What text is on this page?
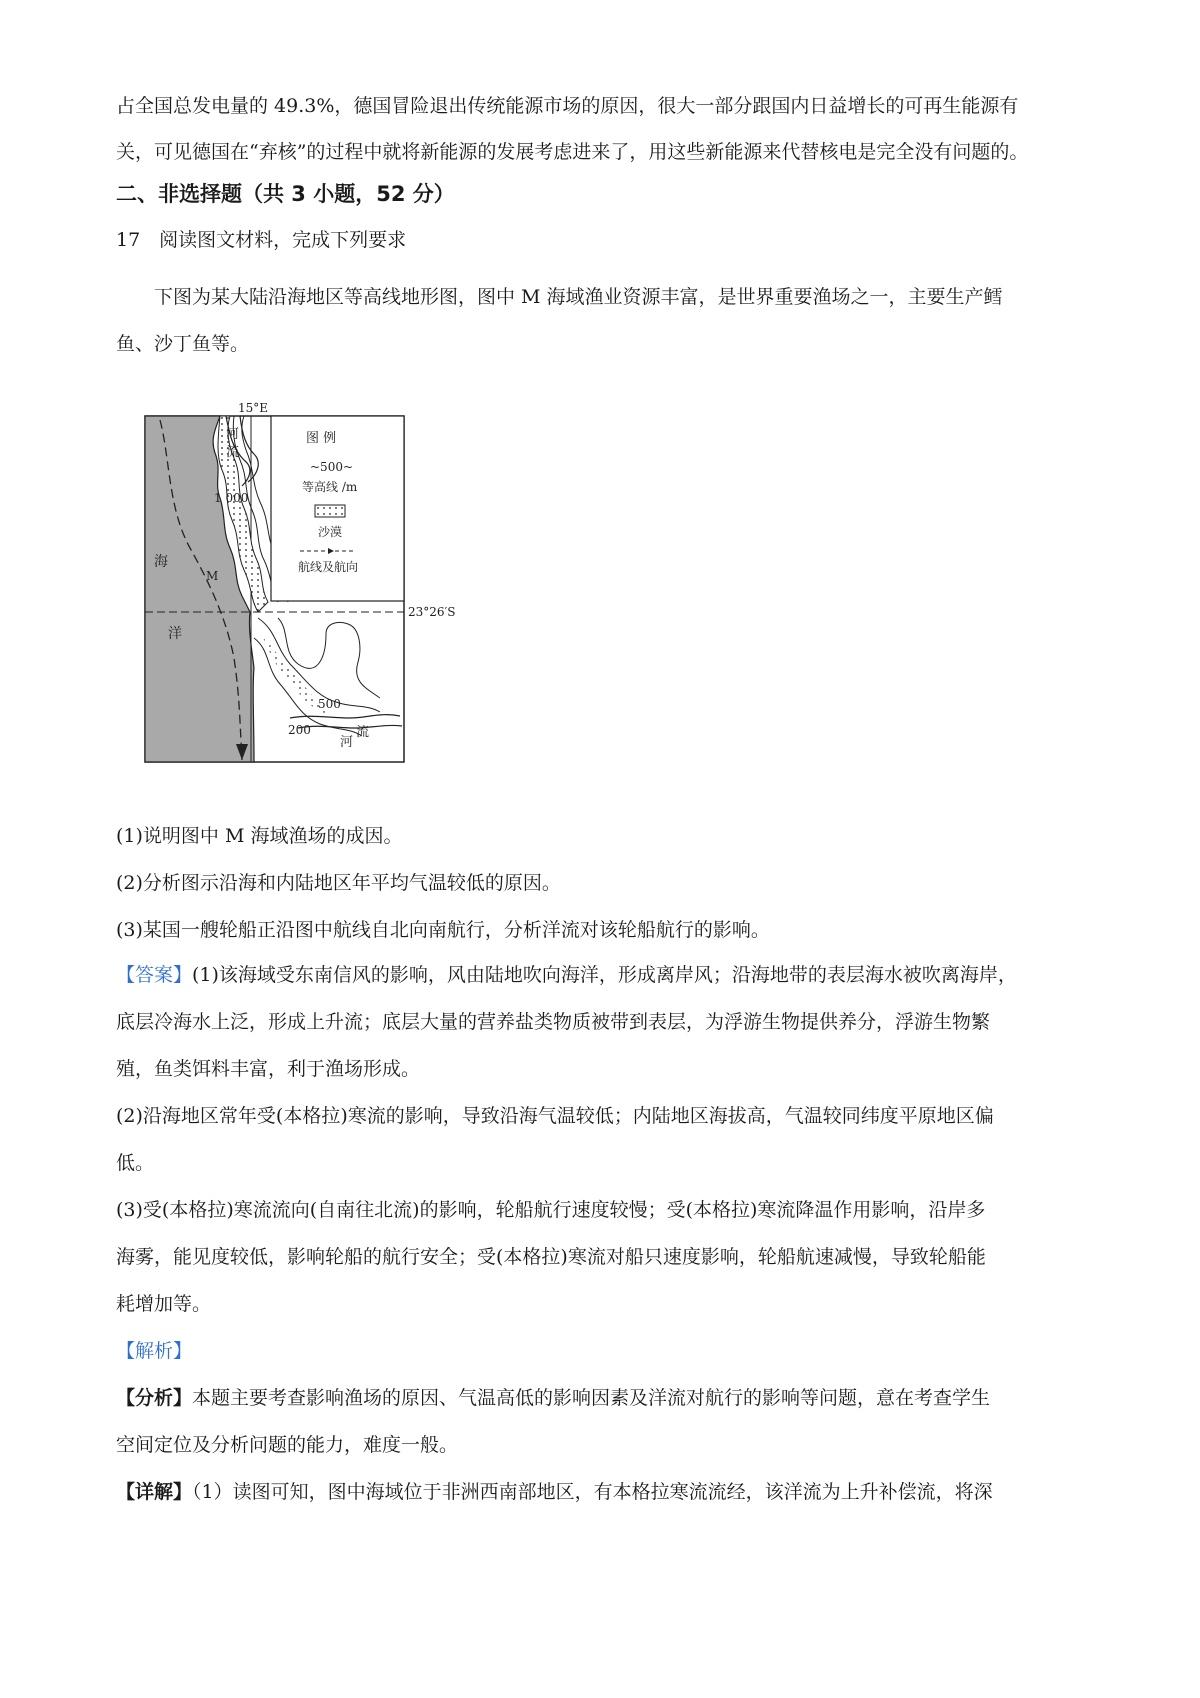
占全国总发电量的 49.3%，德国冒险退出传统能源市场的原因，很大一部分跟国内日益增长的可再生能源有
关，可见德国在“弃核”的过程中就将新能源的发展考虑进来了，用这些新能源来代替核电是完全没有问题的。
二、非选择题（共 3 小题，52 分）
17　阅读图文材料，完成下列要求
　　下图为某大陆沿海地区等高线地形图，图中 M 海域渔业资源丰富，是世界重要渔场之一，主要生产鳕
鱼、沙丁鱼等。
15°E
河
流
1 000
图 例
~500~
等高线 /m
沙漠
航线及航向
23°26′S
500
200
河
流
海
洋
M
(1)说明图中 M 海域渔场的成因。
(2)分析图示沿海和内陆地区年平均气温较低的原因。
(3)某国一艘轮船正沿图中航线自北向南航行，分析洋流对该轮船航行的影响。
【答案】(1)该海域受东南信风的影响，风由陆地吹向海洋，形成离岸风；沿海地带的表层海水被吹离海岸，
底层冷海水上泛，形成上升流；底层大量的营养盐类物质被带到表层，为浮游生物提供养分，浮游生物繁
殖，鱼类饵料丰富，利于渔场形成。
(2)沿海地区常年受(本格拉)寒流的影响，导致沿海气温较低；内陆地区海拔高，气温较同纬度平原地区偏
低。
(3)受(本格拉)寒流流向(自南往北流)的影响，轮船航行速度较慢；受(本格拉)寒流降温作用影响，沿岸多
海雾，能见度较低，影响轮船的航行安全；受(本格拉)寒流对船只速度影响，轮船航速减慢，导致轮船能
耗增加等。
【解析】
【分析】本题主要考查影响渔场的原因、气温高低的影响因素及洋流对航行的影响等问题，意在考查学生
空间定位及分析问题的能力，难度一般。
【详解】（1）读图可知，图中海域位于非洲西南部地区，有本格拉寒流流经，该洋流为上升补偿流，将深
